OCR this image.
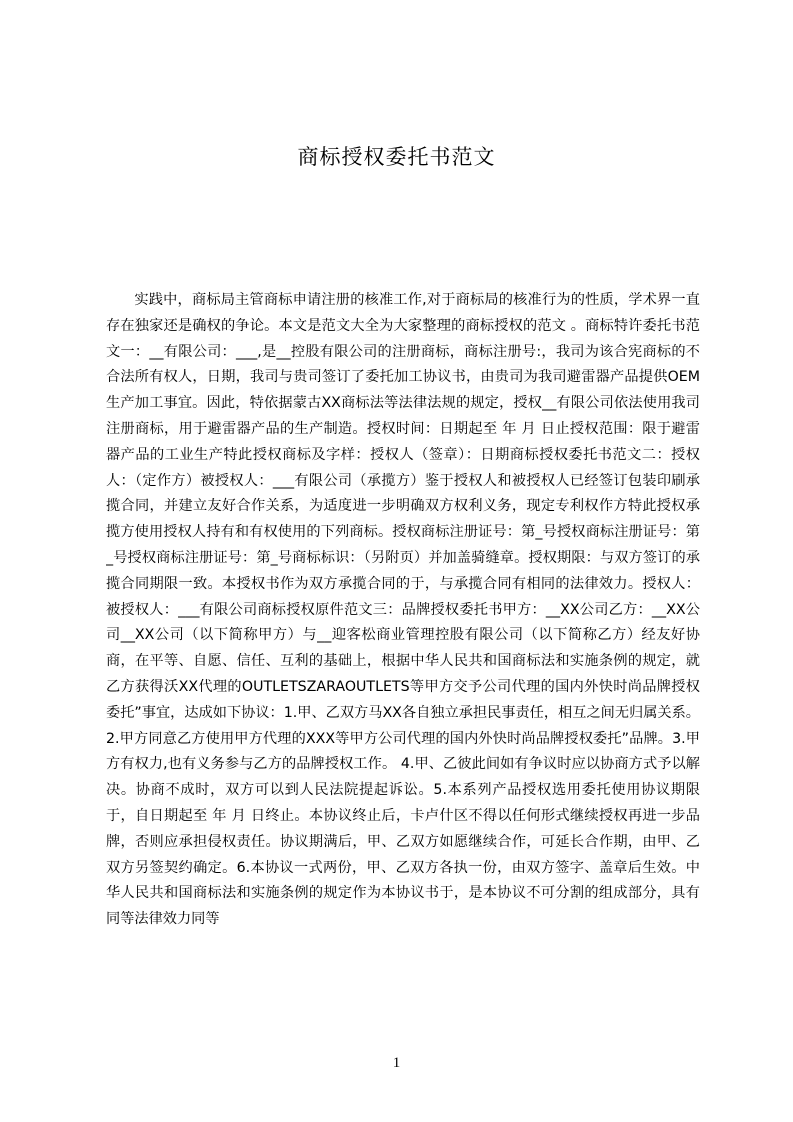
商标授权委托书范文

实践中，商标局主管商标申请注册的核准工作,对于商标局的核准行为的性质，学术界一直存在独家还是确权的争论。本文是范文大全为大家整理的商标授权的范文 。商标特许委托书范文一：__有限公司：___,是__控股有限公司的注册商标，商标注册号:，我司为该合宪商标的不合法所有权人，日期，我司与贵司签订了委托加工协议书，由贵司为我司避雷器产品提供OEM生产加工事宜。因此，特依据蒙古XX商标法等法律法规的规定，授权__有限公司依法使用我司注册商标，用于避雷器产品的生产制造。授权时间：日期起至 年 月 日止授权范围：限于避雷器产品的工业生产特此授权商标及字样：授权人（签章）：日期商标授权委托书范文二：授权人：（定作方）被授权人：___有限公司（承揽方）鉴于授权人和被授权人已经签订包装印刷承揽合同，并建立友好合作关系，为适度进一步明确双方权利义务，现定专利权作方特此授权承揽方使用授权人持有和有权使用的下列商标。授权商标注册证号：第_号授权商标注册证号：第_号授权商标注册证号：第_号商标标识：（另附页）并加盖骑缝章。授权期限：与双方签订的承揽合同期限一致。本授权书作为双方承揽合同的于，与承揽合同有相同的法律效力。授权人：被授权人：___有限公司商标授权原件范文三：品牌授权委托书甲方：__XX公司乙方：__XX公司__XX公司（以下简称甲方）与__迎客松商业管理控股有限公司（以下简称乙方）经友好协商，在平等、自愿、信任、互利的基础上，根据中华人民共和国商标法和实施条例的规定，就乙方获得沃XX代理的OUTLETSZARAOUTLETS等甲方交予公司代理的国内外快时尚品牌授权委托”事宜，达成如下协议：1.甲、乙双方马XX各自独立承担民事责任，相互之间无归属关系。2.甲方同意乙方使用甲方代理的XXX等甲方公司代理的国内外快时尚品牌授权委托”品牌。3.甲方有权力,也有义务参与乙方的品牌授权工作。 4.甲、乙彼此间如有争议时应以协商方式予以解决。协商不成时，双方可以到人民法院提起诉讼。5.本系列产品授权选用委托使用协议期限于，自日期起至 年 月 日终止。本协议终止后，卡卢什区不得以任何形式继续授权再进一步品牌，否则应承担侵权责任。协议期满后，甲、乙双方如愿继续合作，可延长合作期，由甲、乙双方另签契约确定。6.本协议一式两份，甲、乙双方各执一份，由双方签字、盖章后生效。中华人民共和国商标法和实施条例的规定作为本协议书于，是本协议不可分割的组成部分，具有同等法律效力同等

1
